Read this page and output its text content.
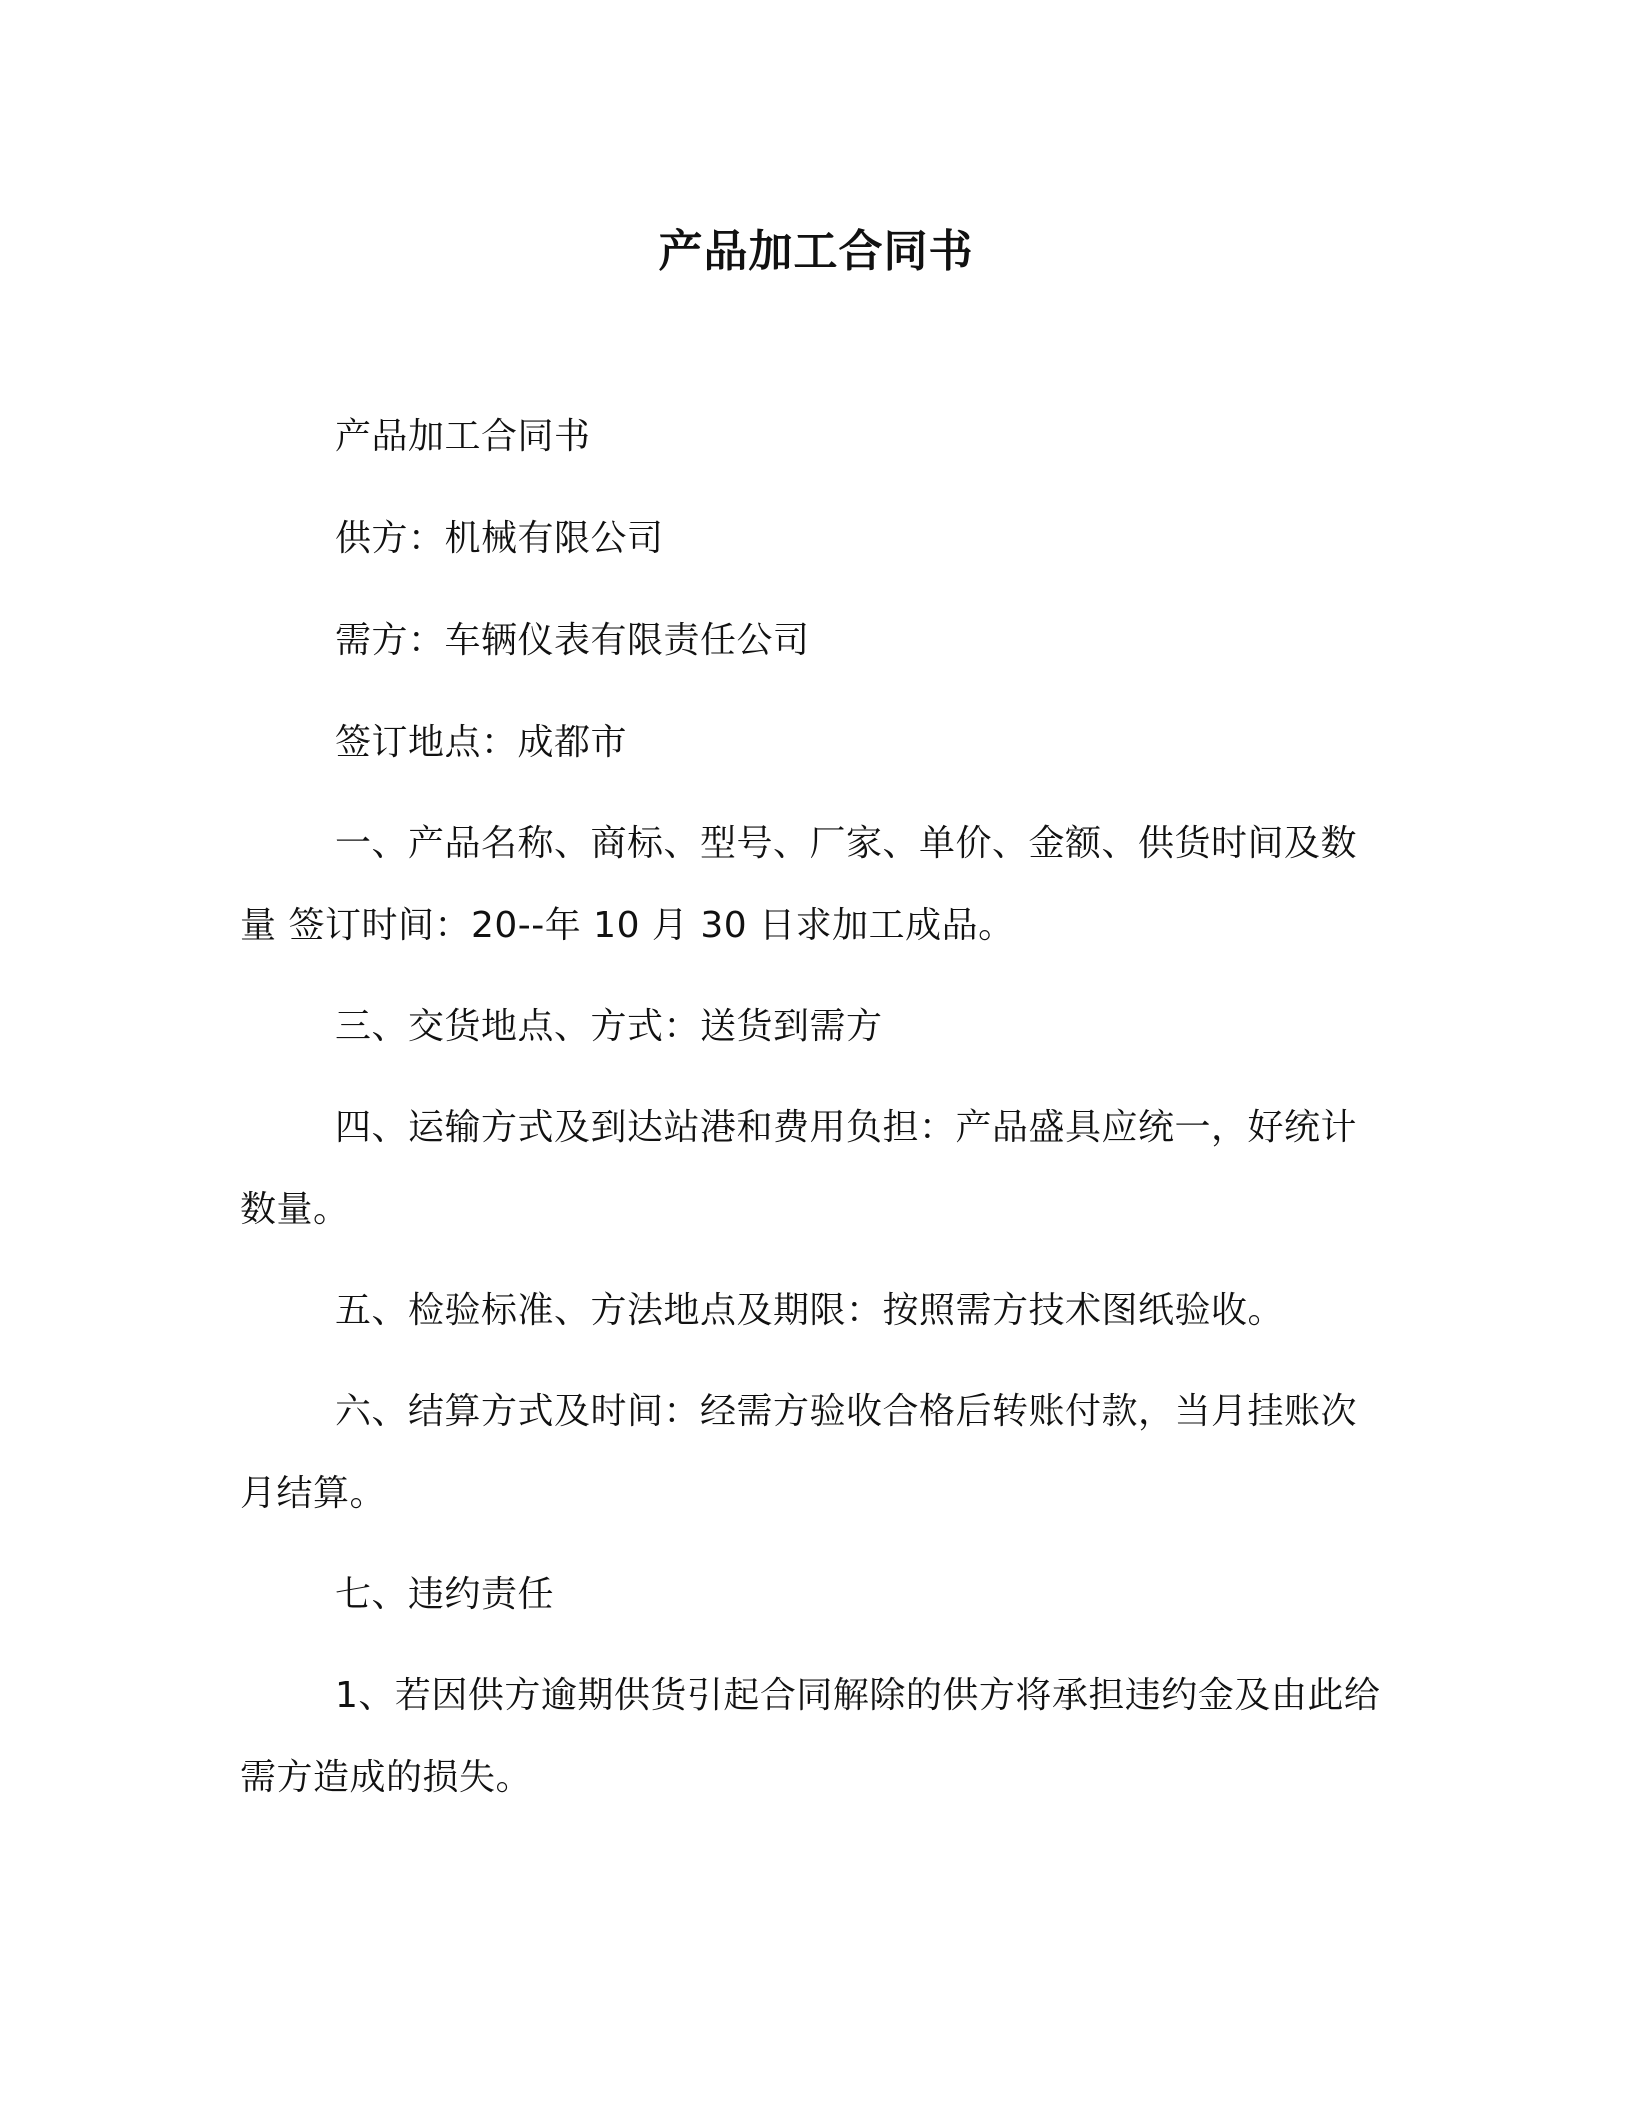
产品加工合同书

产品加工合同书

供方：机械有限公司

需方：车辆仪表有限责任公司

签订地点：成都市

一、产品名称、商标、型号、厂家、单价、金额、供货时间及数量 签订时间：20--年 10 月 30 日求加工成品。

三、交货地点、方式：送货到需方

四、运输方式及到达站港和费用负担：产品盛具应统一，好统计数量。

五、检验标准、方法地点及期限：按照需方技术图纸验收。

六、结算方式及时间：经需方验收合格后转账付款，当月挂账次月结算。

七、违约责任

1、若因供方逾期供货引起合同解除的供方将承担违约金及由此给需方造成的损失。
